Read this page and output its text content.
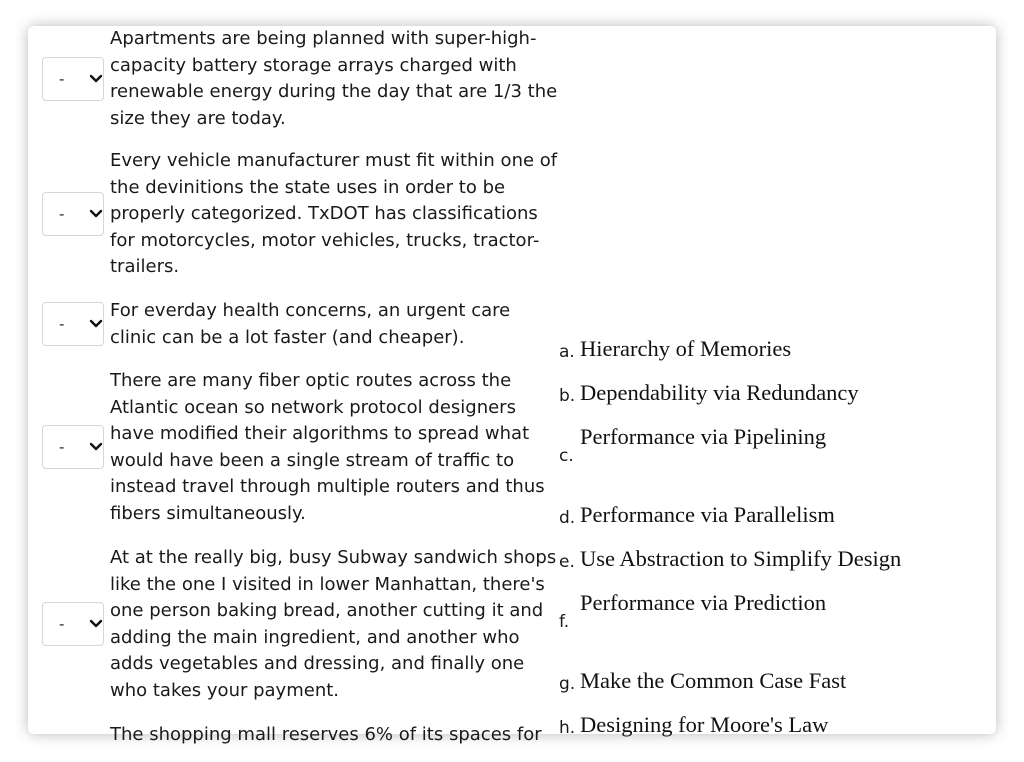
-
Apartments are being planned with super-high-capacity battery storage arrays charged with renewable energy during the day that are 1/3 the size they are today.
-
Every vehicle manufacturer must fit within one of the devinitions the state uses in order to be properly categorized. TxDOT has classifications for motorcycles, motor vehicles, trucks, tractor-trailers.
-
For everday health concerns, an urgent care clinic can be a lot faster (and cheaper).
-
There are many fiber optic routes across the Atlantic ocean so network protocol designers have modified their algorithms to spread what would have been a single stream of traffic to instead travel through multiple routers and thus fibers simultaneously.
-
At at the really big, busy Subway sandwich shops like the one I visited in lower Manhattan, there's one person baking bread, another cutting it and adding the main ingredient, and another who adds vegetables and dressing, and finally one who takes your payment.
The shopping mall reserves 6% of its spaces for
a. Hierarchy of Memories
b. Dependability via Redundancy
c.
Performance via Pipelining
d. Performance via Parallelism
e. Use Abstraction to Simplify Design
f.
Performance via Prediction
g. Make the Common Case Fast
h. Designing for Moore's Law
